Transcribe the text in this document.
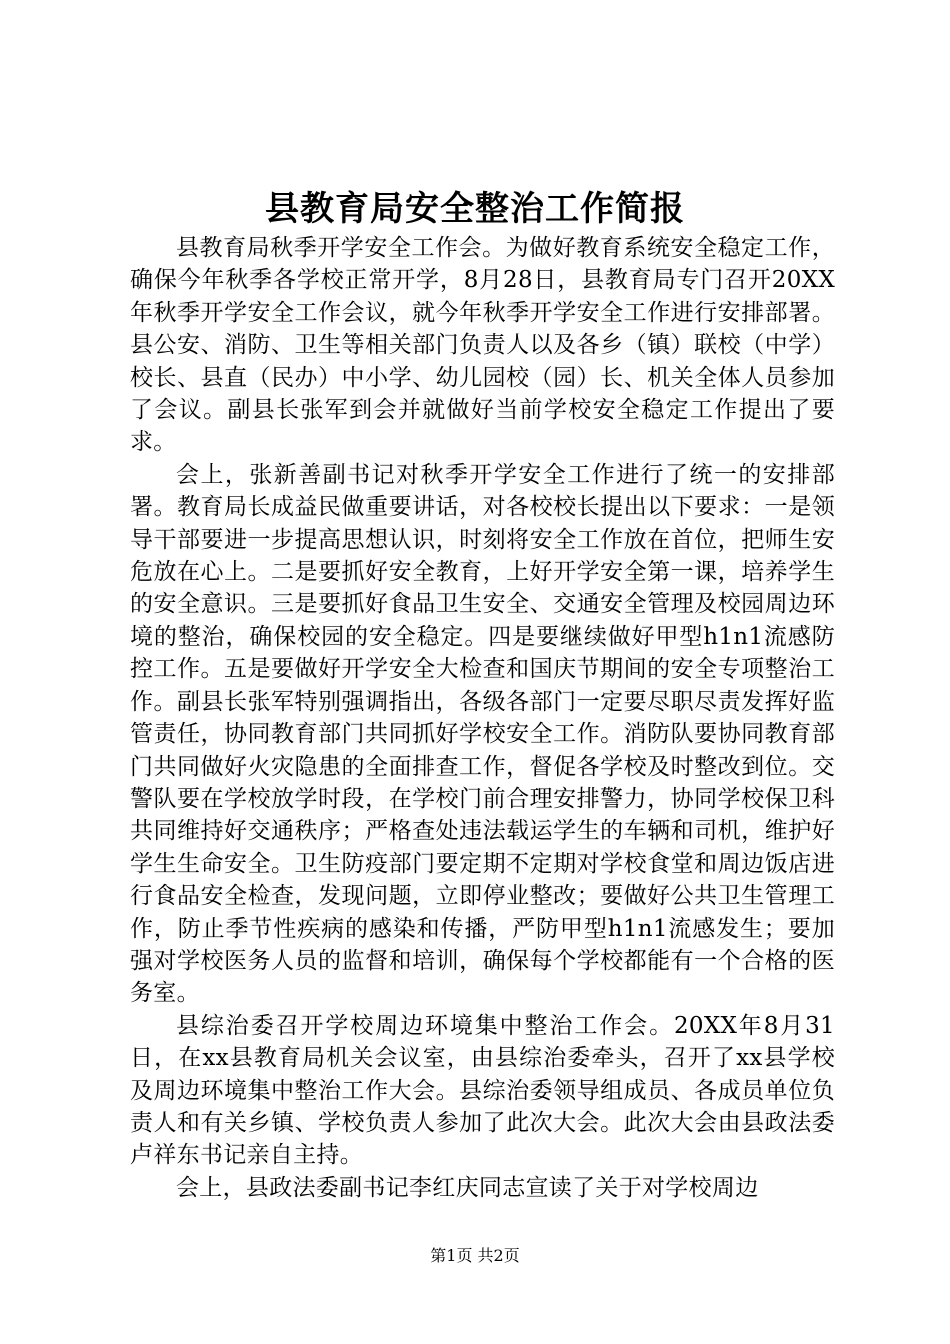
县教育局安全整治工作简报

县教育局秋季开学安全工作会。为做好教育系统安全稳定工作，确保今年秋季各学校正常开学，8月28日，县教育局专门召开20XX年秋季开学安全工作会议，就今年秋季开学安全工作进行安排部署。县公安、消防、卫生等相关部门负责人以及各乡（镇）联校（中学）校长、县直（民办）中小学、幼儿园校（园）长、机关全体人员参加了会议。副县长张军到会并就做好当前学校安全稳定工作提出了要求。

会上，张新善副书记对秋季开学安全工作进行了统一的安排部署。教育局长成益民做重要讲话，对各校校长提出以下要求：一是领导干部要进一步提高思想认识，时刻将安全工作放在首位，把师生安危放在心上。二是要抓好安全教育，上好开学安全第一课，培养学生的安全意识。三是要抓好食品卫生安全、交通安全管理及校园周边环境的整治，确保校园的安全稳定。四是要继续做好甲型h1n1流感防控工作。五是要做好开学安全大检查和国庆节期间的安全专项整治工作。副县长张军特别强调指出，各级各部门一定要尽职尽责发挥好监管责任，协同教育部门共同抓好学校安全工作。消防队要协同教育部门共同做好火灾隐患的全面排查工作，督促各学校及时整改到位。交警队要在学校放学时段，在学校门前合理安排警力，协同学校保卫科共同维持好交通秩序；严格查处违法载运学生的车辆和司机，维护好学生生命安全。卫生防疫部门要定期不定期对学校食堂和周边饭店进行食品安全检查，发现问题，立即停业整改；要做好公共卫生管理工作，防止季节性疾病的感染和传播，严防甲型h1n1流感发生；要加强对学校医务人员的监督和培训，确保每个学校都能有一个合格的医务室。

县综治委召开学校周边环境集中整治工作会。20XX年8月31日，在xx县教育局机关会议室，由县综治委牵头，召开了xx县学校及周边环境集中整治工作大会。县综治委领导组成员、各成员单位负责人和有关乡镇、学校负责人参加了此次大会。此次大会由县政法委卢祥东书记亲自主持。

会上，县政法委副书记李红庆同志宣读了关于对学校周边

第1页 共2页
